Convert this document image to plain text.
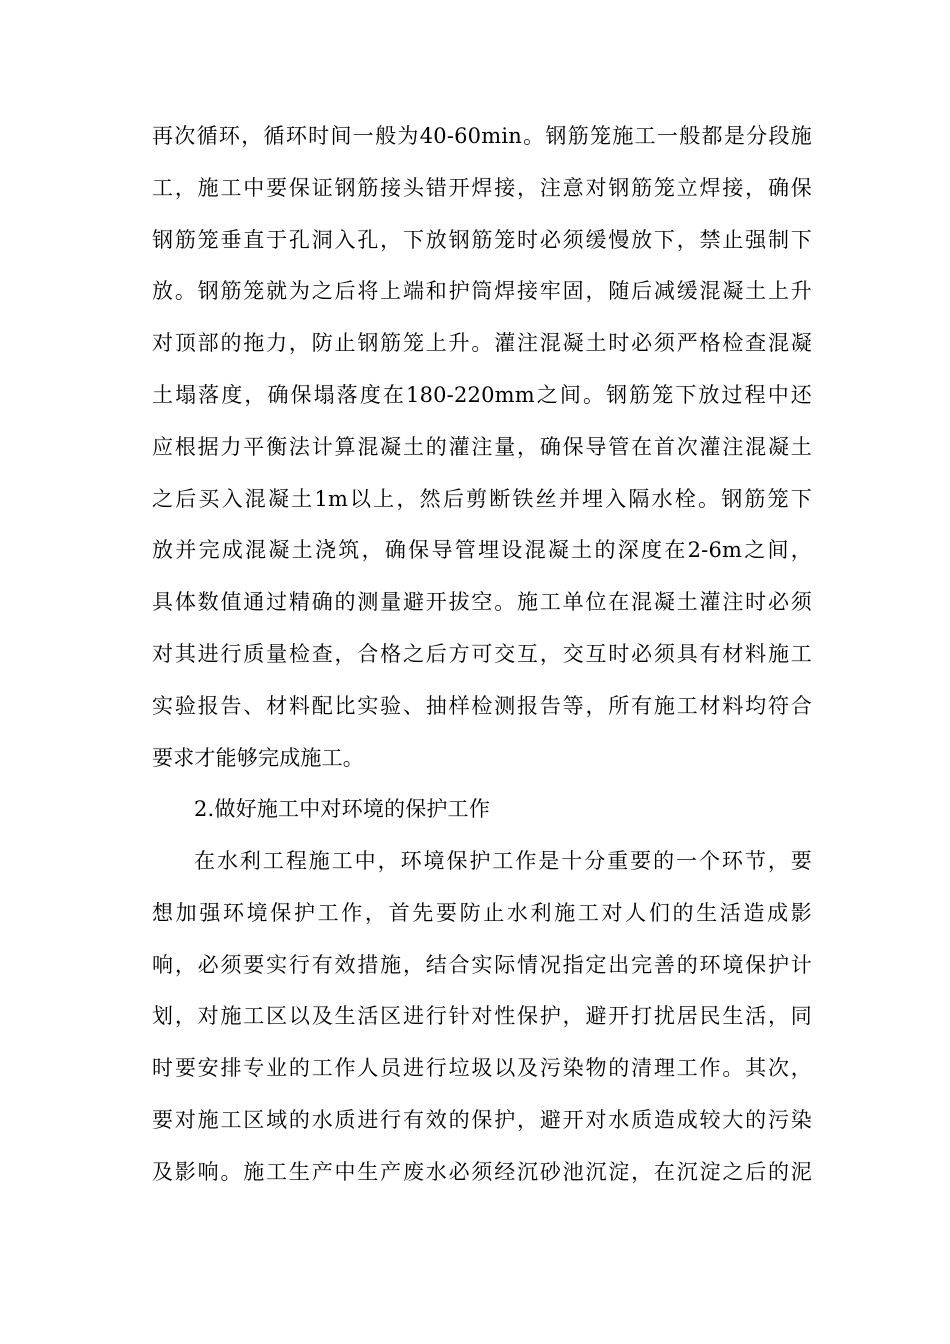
再次循环，循环时间一般为40-60min。钢筋笼施工一般都是分段施
工，施工中要保证钢筋接头错开焊接，注意对钢筋笼立焊接，确保
钢筋笼垂直于孔洞入孔，下放钢筋笼时必须缓慢放下，禁止强制下
放。钢筋笼就为之后将上端和护筒焊接牢固，随后减缓混凝土上升
对顶部的拖力，防止钢筋笼上升。灌注混凝土时必须严格检查混凝
土塌落度，确保塌落度在180-220mm之间。钢筋笼下放过程中还
应根据力平衡法计算混凝土的灌注量，确保导管在首次灌注混凝土
之后买入混凝土1m以上，然后剪断铁丝并埋入隔水栓。钢筋笼下
放并完成混凝土浇筑，确保导管埋设混凝土的深度在2-6m之间，
具体数值通过精确的测量避开拔空。施工单位在混凝土灌注时必须
对其进行质量检查，合格之后方可交互，交互时必须具有材料施工
实验报告、材料配比实验、抽样检测报告等，所有施工材料均符合
要求才能够完成施工。
2.做好施工中对环境的保护工作
在水利工程施工中，环境保护工作是十分重要的一个环节，要
想加强环境保护工作，首先要防止水利施工对人们的生活造成影
响，必须要实行有效措施，结合实际情况指定出完善的环境保护计
划，对施工区以及生活区进行针对性保护，避开打扰居民生活，同
时要安排专业的工作人员进行垃圾以及污染物的清理工作。其次，
要对施工区域的水质进行有效的保护，避开对水质造成较大的污染
及影响。施工生产中生产废水必须经沉砂池沉淀，在沉淀之后的泥
